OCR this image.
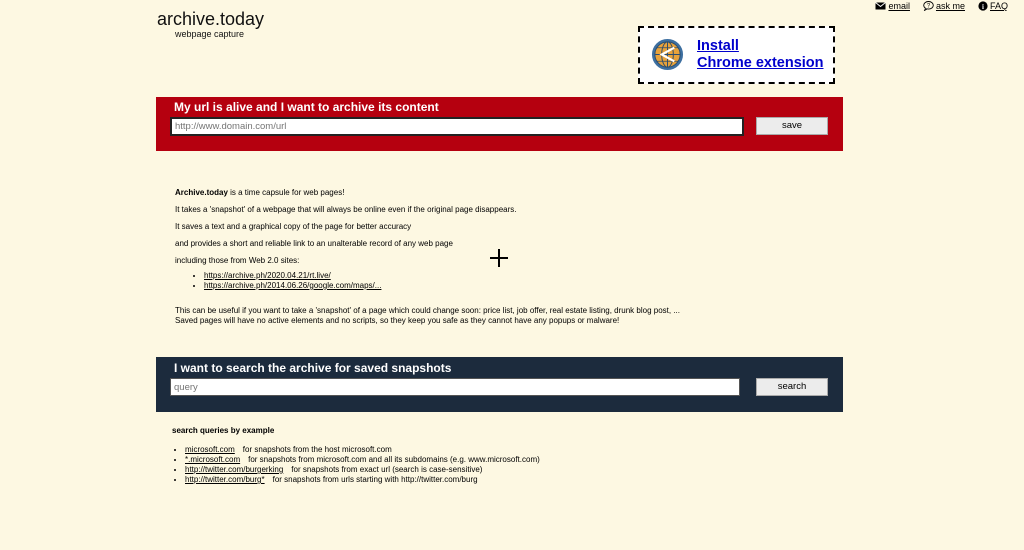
archive.today
webpage capture
email	? ask me i FAQ
Install
Chrome extension
My url is alive and I want to archive its content
http://www.domain.com/url
save

Archive.today is a time capsule for web pages!

It takes a 'snapshot' of a webpage that will always be online even if the original page disappears.

It saves a text and a graphical copy of the page for better accuracy

and provides a short and reliable link to an unalterable record of any web page

including those from Web 2.0 sites:

• https://archive.ph/2020.04.21/rt.live/
• https://archive.ph/2014.06.26/google.com/maps/...

This can be useful if you want to take a 'snapshot' of a page which could change soon: price list, job offer, real estate listing, drunk blog post, ...
Saved pages will have no active elements and no scripts, so they keep you safe as they cannot have any popups or malware!

I want to search the archive for saved snapshots
query
search
search queries by example
• microsoft.com for snapshots from the host microsoft.com
• *.microsoft.com for snapshots from microsoft.com and all its subdomains (e.g. www.microsoft.com)
• http://twitter.com/burgerking for snapshots from exact url (search is case-sensitive)
• http://twitter.com/burg* for snapshots from urls starting with http://twitter.com/burg
